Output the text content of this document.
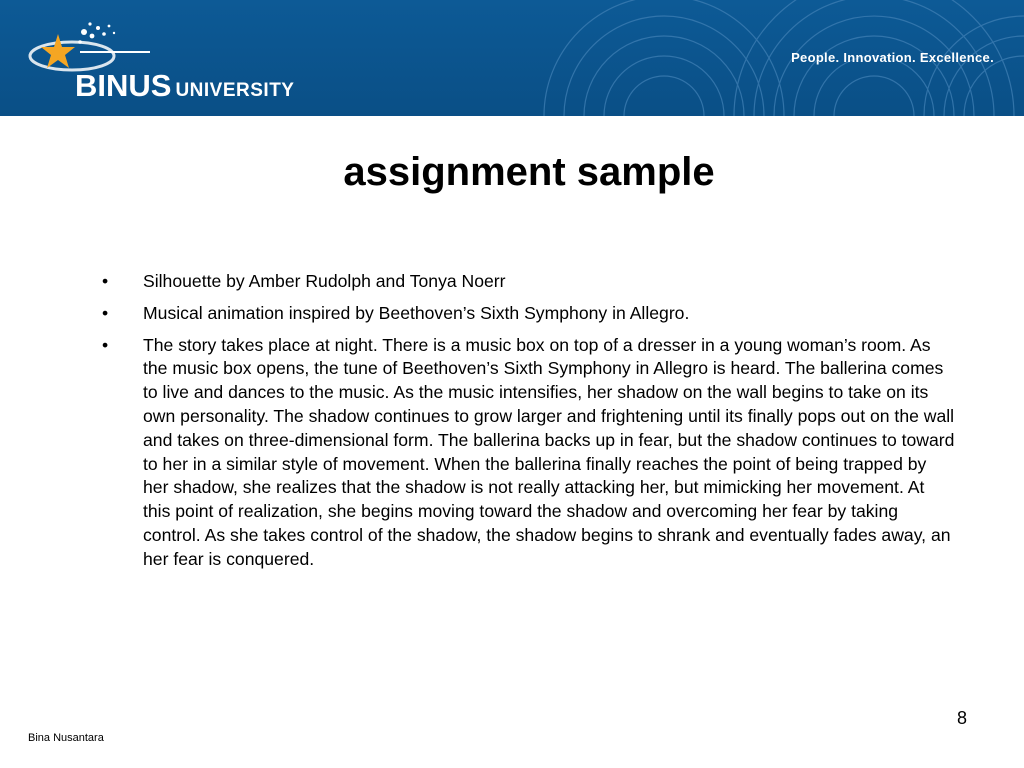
BINUS UNIVERSITY
People. Innovation. Excellence.
assignment sample
• Silhouette by Amber Rudolph and Tonya Noerr
• Musical animation inspired by Beethoven’s Sixth Symphony in Allegro.
• The story takes place at night. There is a music box on top of a dresser in a young woman’s room. As the music box opens, the tune of Beethoven’s Sixth Symphony in Allegro is heard. The ballerina comes to live and dances to the music. As the music intensifies, her shadow on the wall begins to take on its own personality. The shadow continues to grow larger and frightening until its finally pops out on the wall and takes on three-dimensional form. The ballerina backs up in fear, but the shadow continues to toward to her in a similar style of movement. When the ballerina finally reaches the point of being trapped by her shadow, she realizes that the shadow is not really attacking her, but mimicking her movement. At this point of realization, she begins moving toward the shadow and overcoming her fear by taking control. As she takes control of the shadow, the shadow begins to shrank and eventually fades away, an her fear is conquered.
Bina Nusantara
8
